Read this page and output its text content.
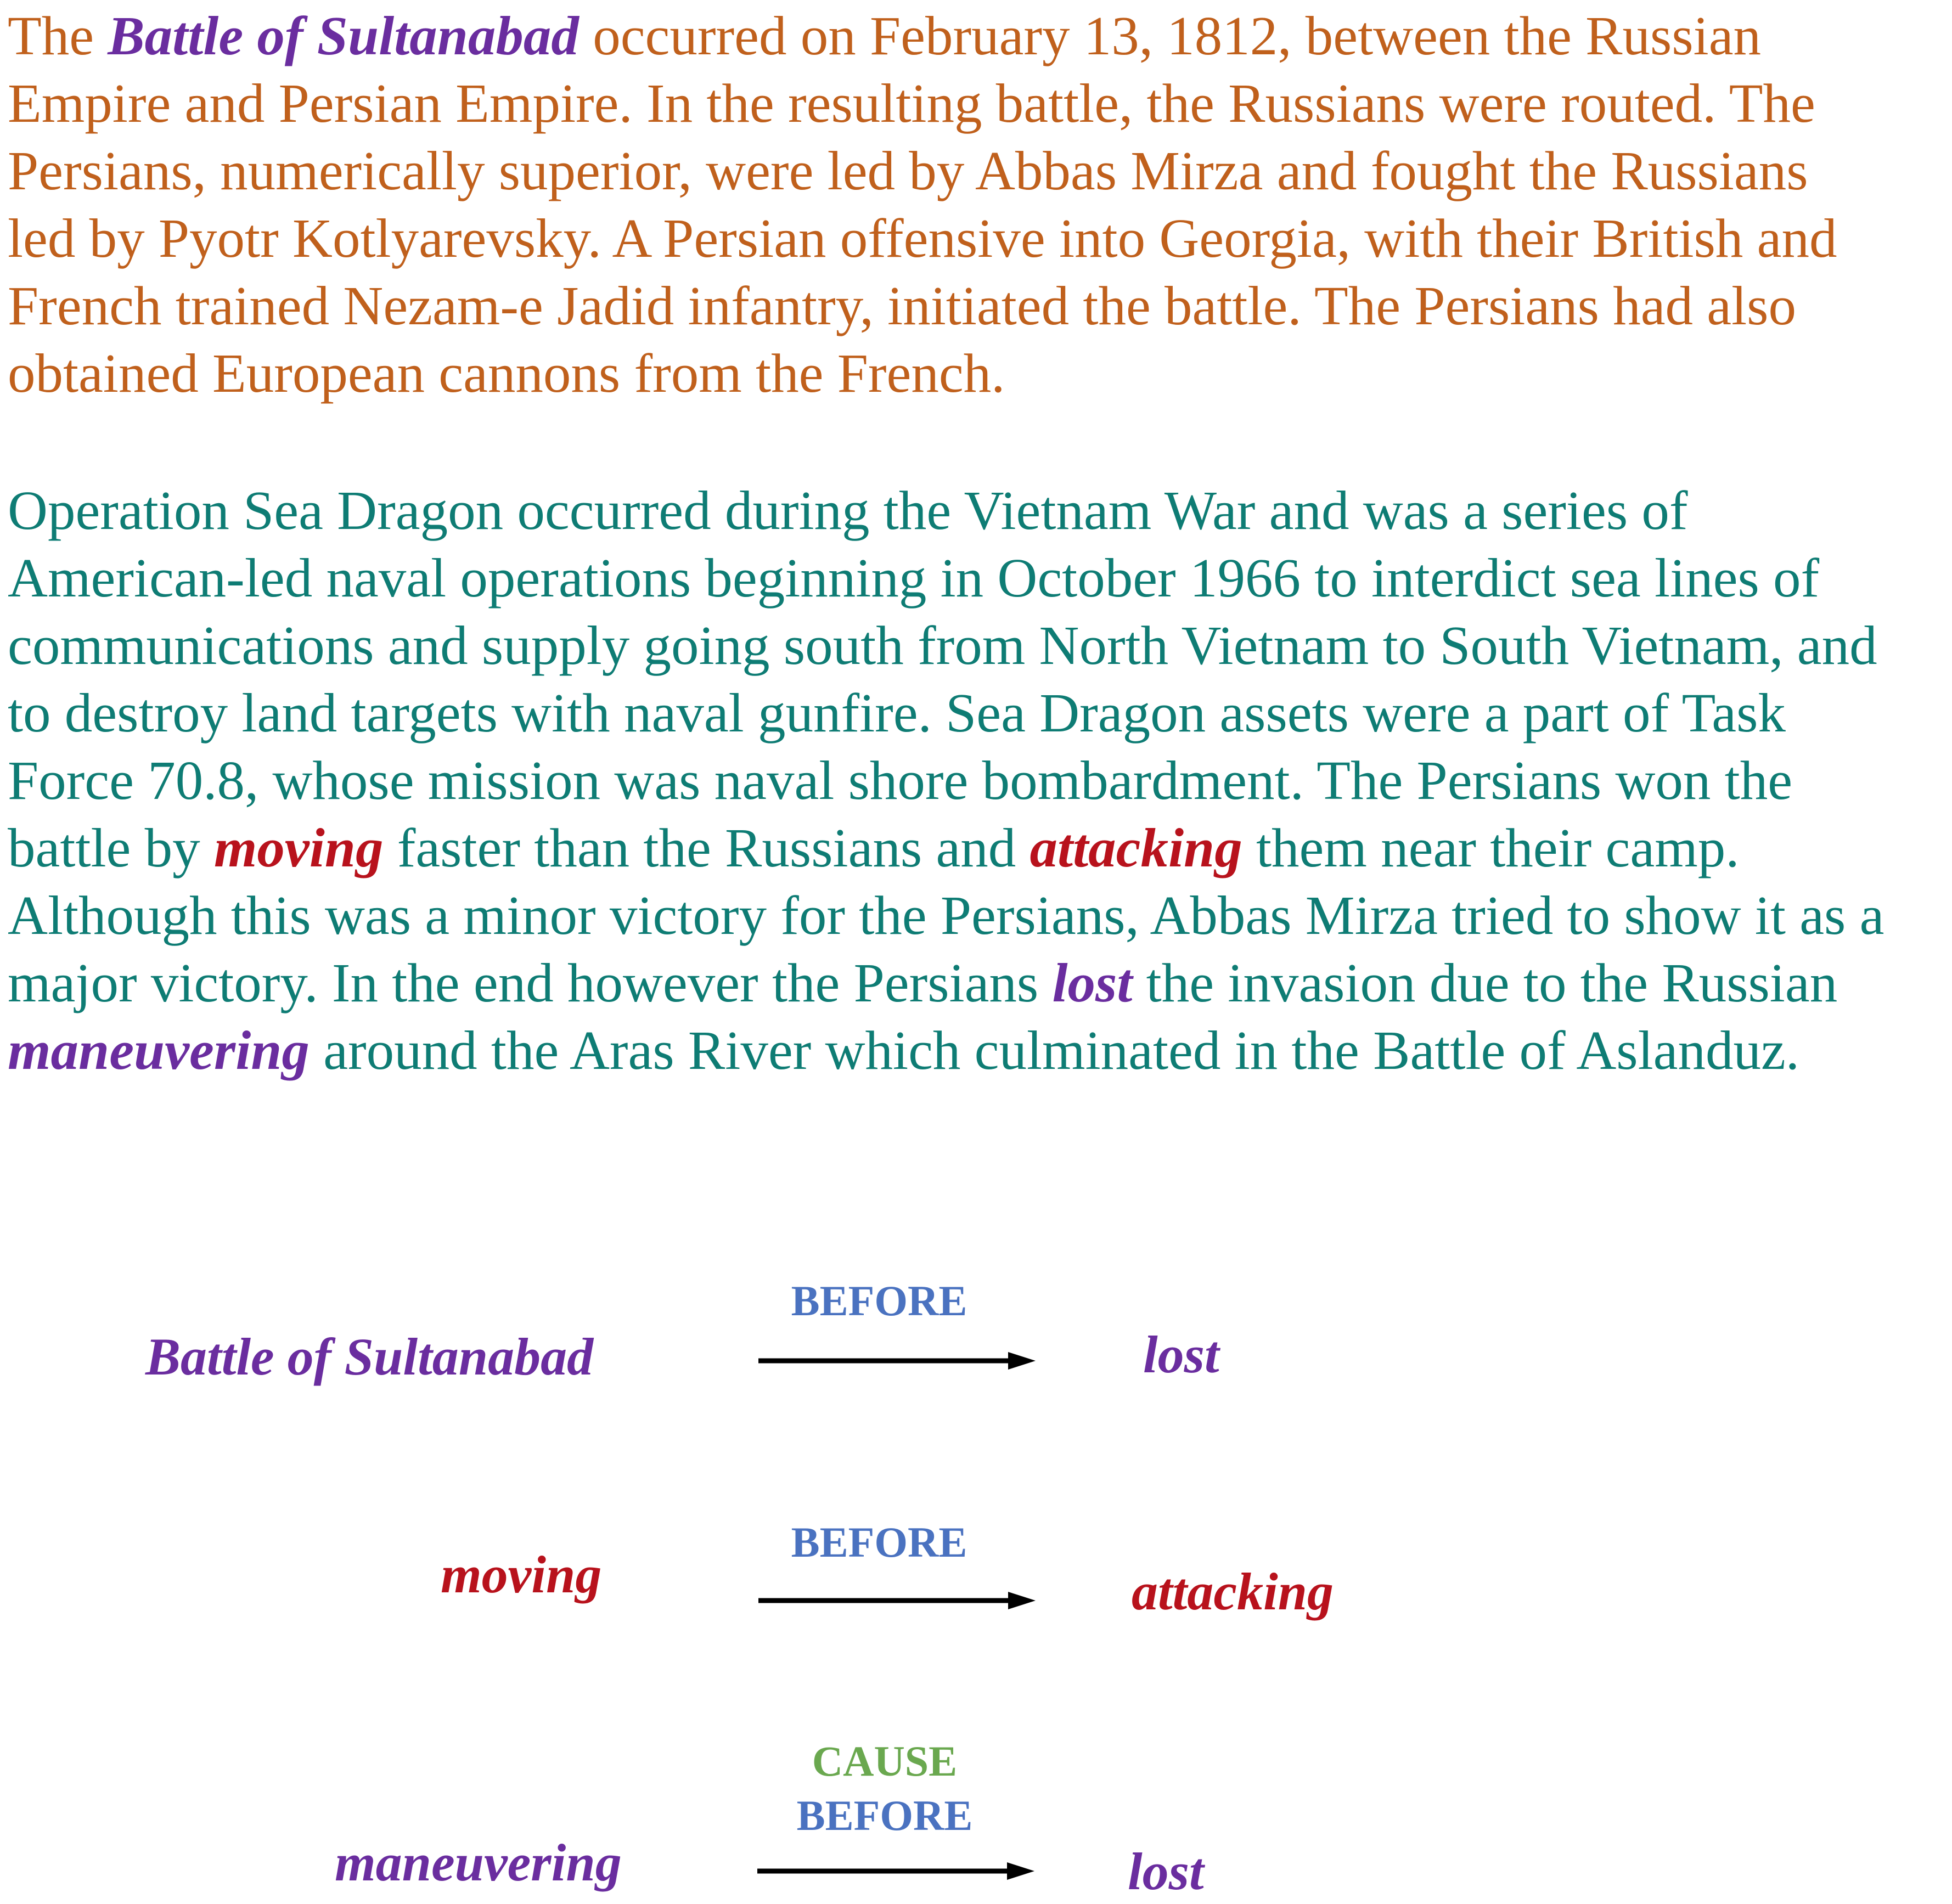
The Battle of Sultanabad occurred on February 13, 1812, between the Russian
Empire and Persian Empire. In the resulting battle, the Russians were routed. The
Persians, numerically superior, were led by Abbas Mirza and fought the Russians
led by Pyotr Kotlyarevsky. A Persian offensive into Georgia, with their British and
French trained Nezam-e Jadid infantry, initiated the battle. The Persians had also
obtained European cannons from the French.
Operation Sea Dragon occurred during the Vietnam War and was a series of
American-led naval operations beginning in October 1966 to interdict sea lines of
communications and supply going south from North Vietnam to South Vietnam, and
to destroy land targets with naval gunfire. Sea Dragon assets were a part of Task
Force 70.8, whose mission was naval shore bombardment. The Persians won the
battle by moving faster than the Russians and attacking them near their camp.
Although this was a minor victory for the Persians, Abbas Mirza tried to show it as a
major victory. In the end however the Persians lost the invasion due to the Russian
maneuvering around the Aras River which culminated in the Battle of Aslanduz.
Battle of Sultanabad
BEFORE
lost
moving
BEFORE
attacking
maneuvering
CAUSE
BEFORE
lost
